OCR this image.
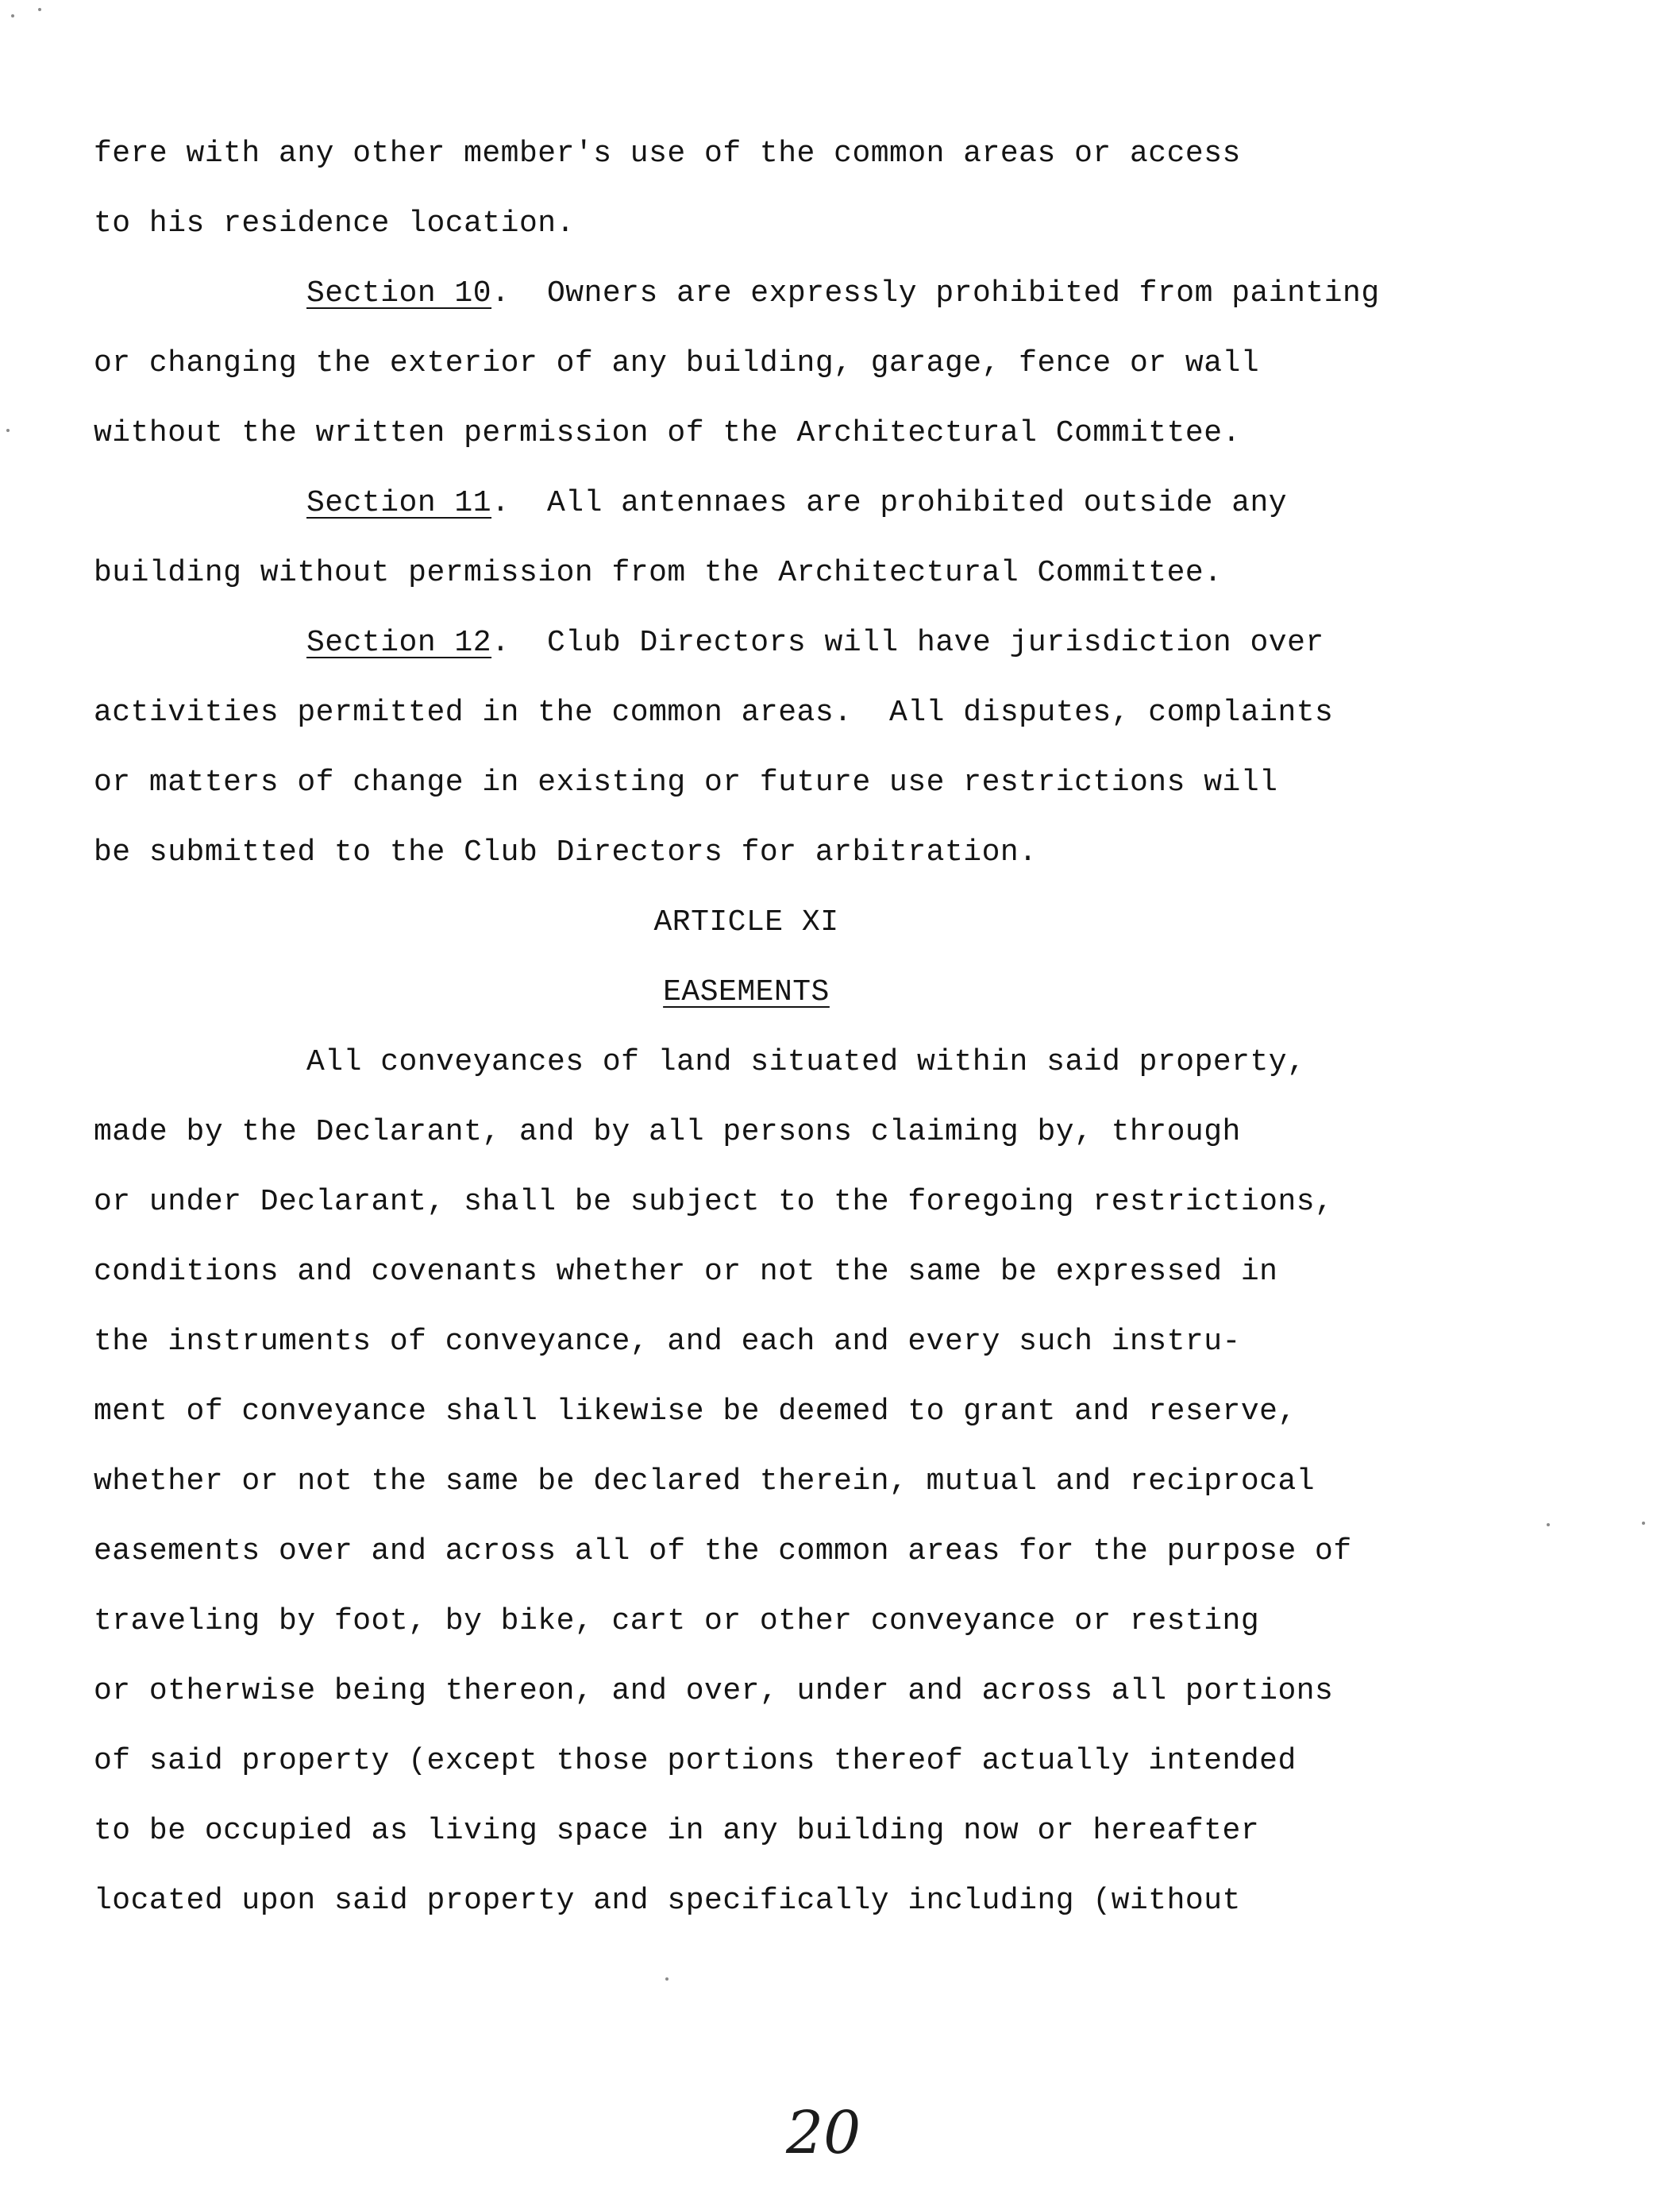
fere with any other member's use of the common areas or access
to his residence location.
Section 10.  Owners are expressly prohibited from painting
or changing the exterior of any building, garage, fence or wall
without the written permission of the Architectural Committee.
Section 11.  All antennaes are prohibited outside any
building without permission from the Architectural Committee.
Section 12.  Club Directors will have jurisdiction over
activities permitted in the common areas.  All disputes, complaints
or matters of change in existing or future use restrictions will
be submitted to the Club Directors for arbitration.
ARTICLE XI
EASEMENTS
All conveyances of land situated within said property,
made by the Declarant, and by all persons claiming by, through
or under Declarant, shall be subject to the foregoing restrictions,
conditions and covenants whether or not the same be expressed in
the instruments of conveyance, and each and every such instru-
ment of conveyance shall likewise be deemed to grant and reserve,
whether or not the same be declared therein, mutual and reciprocal
easements over and across all of the common areas for the purpose of
traveling by foot, by bike, cart or other conveyance or resting
or otherwise being thereon, and over, under and across all portions
of said property (except those portions thereof actually intended
to be occupied as living space in any building now or hereafter
located upon said property and specifically including (without
20
